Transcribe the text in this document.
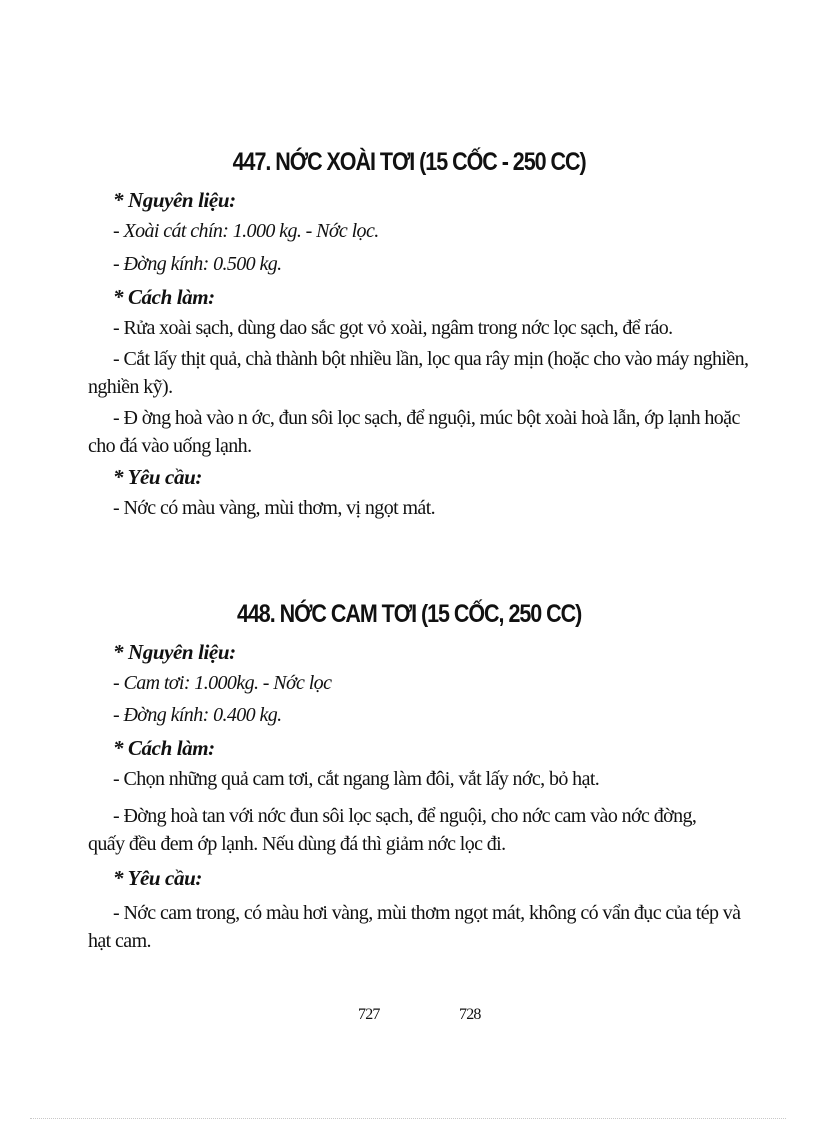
447. NỚC XOÀI TƠI (15 CỐC - 250 CC)
* Nguyên liệu:
- Xoài cát chín: 1.000 kg. - Nớc lọc.
- Đờng kính: 0.500 kg.
* Cách làm:
- Rửa xoài sạch, dùng dao sắc gọt vỏ xoài, ngâm trong nớc lọc sạch, để ráo.
- Cắt lấy thịt quả, chà thành bột nhiều lần, lọc qua rây mịn (hoặc cho vào máy nghiền,
nghiền kỹ).
- Đ ờng hoà vào n ớc, đun sôi lọc sạch, để nguội, múc bột xoài hoà lẫn, ớp lạnh hoặc
cho đá vào uống lạnh.
* Yêu cầu:
- Nớc có màu vàng, mùi thơm, vị ngọt mát.
448. NỚC CAM TƠI (15 CỐC, 250 CC)
* Nguyên liệu:
- Cam tơi: 1.000kg. - Nớc lọc
- Đờng kính: 0.400 kg.
* Cách làm:
- Chọn những quả cam tơi, cắt ngang làm đôi, vắt lấy nớc, bỏ hạt.
- Đờng hoà tan với nớc đun sôi lọc sạch, để nguội, cho nớc cam vào nớc đờng,
quấy đều đem ớp lạnh. Nếu dùng đá thì giảm nớc lọc đi.
* Yêu cầu:
- Nớc cam trong, có màu hơi vàng, mùi thơm ngọt mát, không có vẩn đục của tép và
hạt cam.
727	728
